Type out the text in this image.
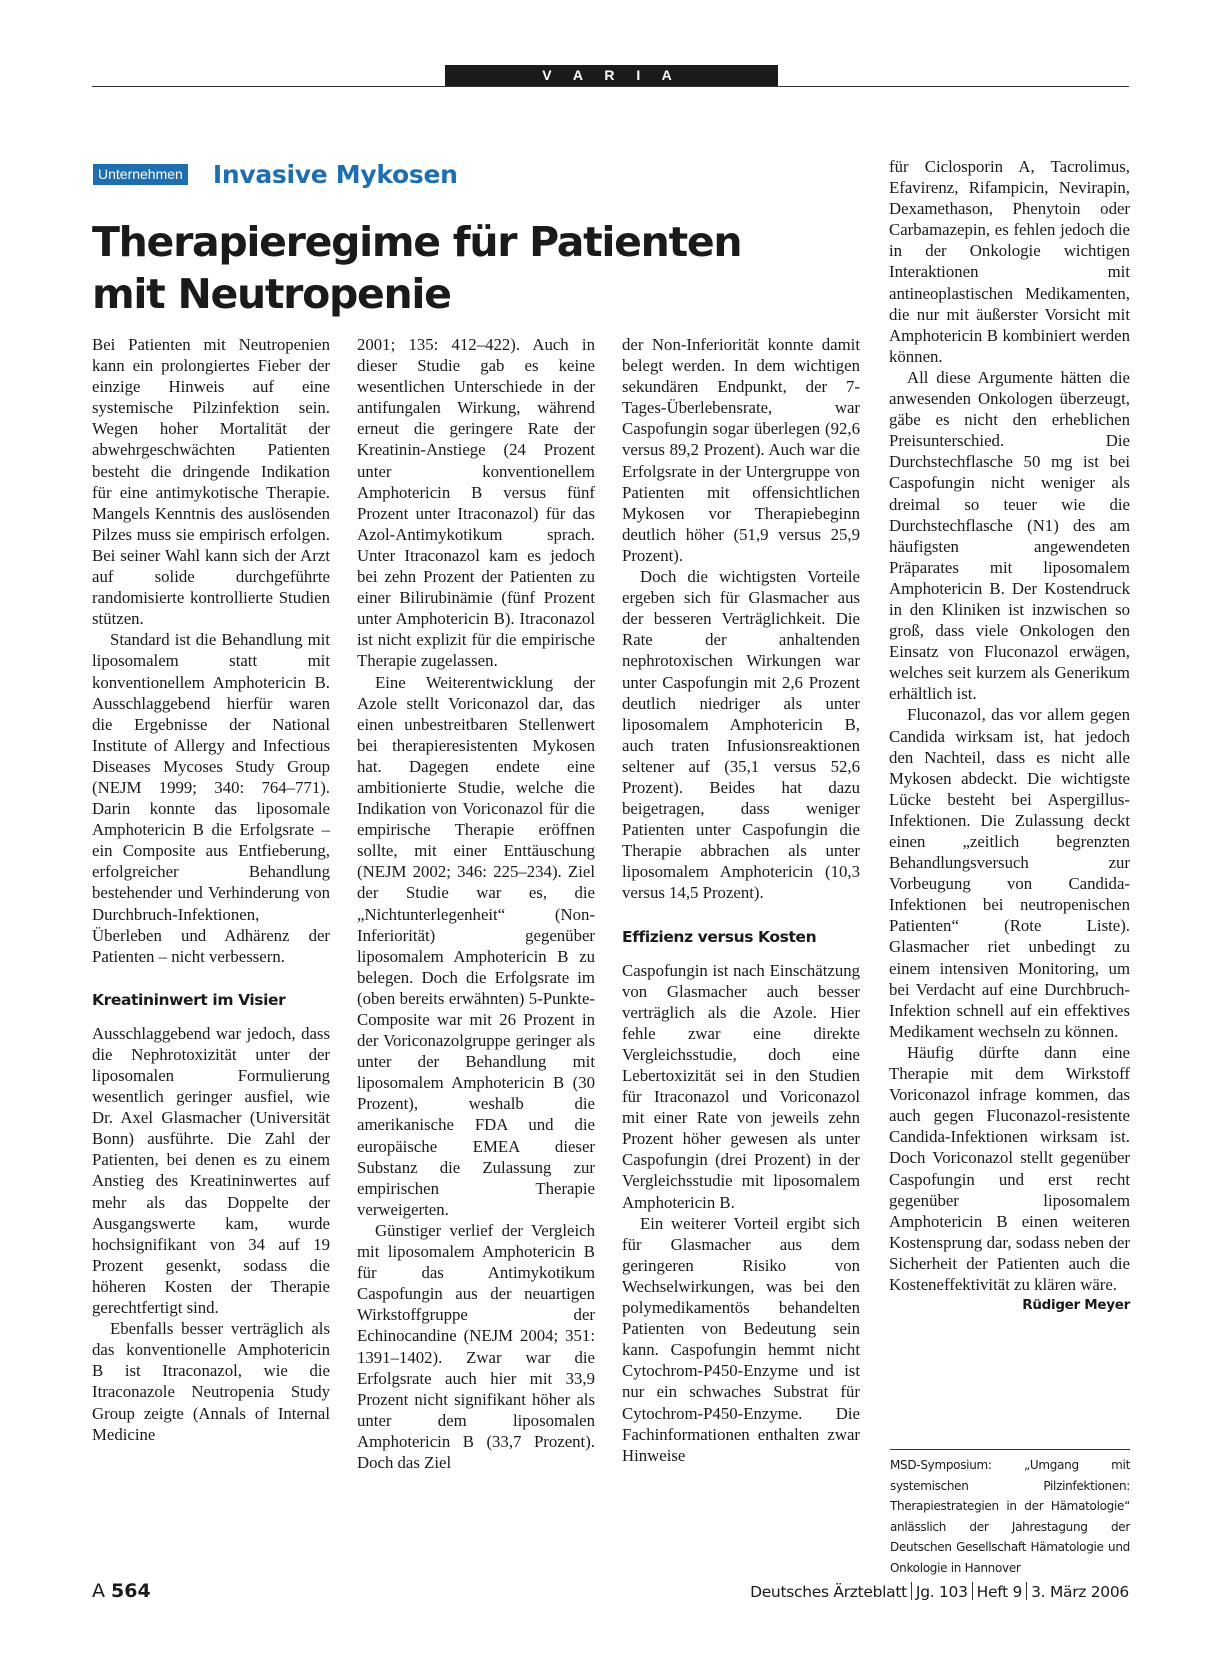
V A R I A
Unternehmen Invasive Mykosen
Therapieregime für Patienten
mit Neutropenie

Bei Patienten mit Neutropenien kann ein prolongiertes Fieber der einzige Hinweis auf eine systemische Pilzinfektion sein. Wegen hoher Mortalität der abwehrgeschwächten Patienten besteht die dringende Indikation für eine antimykotische Therapie. Mangels Kenntnis des auslösenden Pilzes muss sie empirisch erfolgen. Bei seiner Wahl kann sich der Arzt auf solide durchgeführte randomisierte kontrollierte Studien stützen.

Standard ist die Behandlung mit liposomalem statt mit konventionellem Amphotericin B. Ausschlaggebend hierfür waren die Ergebnisse der National Institute of Allergy and Infectious Diseases Mycoses Study Group (NEJM 1999; 340: 764–771). Darin konnte das liposomale Amphotericin B die Erfolgsrate – ein Composite aus Entfieberung, erfolgreicher Behandlung bestehender und Verhinderung von Durchbruch-Infektionen, Überleben und Adhärenz der Patienten – nicht verbessern.

Kreatininwert im Visier

Ausschlaggebend war jedoch, dass die Nephrotoxizität unter der liposomalen Formulierung wesentlich geringer ausfiel, wie Dr. Axel Glasmacher (Universität Bonn) ausführte. Die Zahl der Patienten, bei denen es zu einem Anstieg des Kreatininwertes auf mehr als das Doppelte der Ausgangswerte kam, wurde hochsignifikant von 34 auf 19 Prozent gesenkt, sodass die höheren Kosten der Therapie gerechtfertigt sind.

Ebenfalls besser verträglich als das konventionelle Amphotericin B ist Itraconazol, wie die Itraconazole Neutropenia Study Group zeigte (Annals of Internal Medicine

2001; 135: 412–422). Auch in dieser Studie gab es keine wesentlichen Unterschiede in der antifungalen Wirkung, während erneut die geringere Rate der Kreatinin-Anstiege (24 Prozent unter konventionellem Amphotericin B versus fünf Prozent unter Itraconazol) für das Azol-Antimykotikum sprach. Unter Itraconazol kam es jedoch bei zehn Prozent der Patienten zu einer Bilirubinämie (fünf Prozent unter Amphotericin B). Itraconazol ist nicht explizit für die empirische Therapie zugelassen.

Eine Weiterentwicklung der Azole stellt Voriconazol dar, das einen unbestreitbaren Stellenwert bei therapieresistenten Mykosen hat. Dagegen endete eine ambitionierte Studie, welche die Indikation von Voriconazol für die empirische Therapie eröffnen sollte, mit einer Enttäuschung (NEJM 2002; 346: 225–234). Ziel der Studie war es, die „Nichtunterlegenheit“ (Non-Inferiorität) gegenüber liposomalem Amphotericin B zu belegen. Doch die Erfolgsrate im (oben bereits erwähnten) 5-Punkte-Composite war mit 26 Prozent in der Voriconazolgruppe geringer als unter der Behandlung mit liposomalem Amphotericin B (30 Prozent), weshalb die amerikanische FDA und die europäische EMEA dieser Substanz die Zulassung zur empirischen Therapie verweigerten.

Günstiger verlief der Vergleich mit liposomalem Amphotericin B für das Antimykotikum Caspofungin aus der neuartigen Wirkstoffgruppe der Echinocandine (NEJM 2004; 351: 1391–1402). Zwar war die Erfolgsrate auch hier mit 33,9 Prozent nicht signifikant höher als unter dem liposomalen Amphotericin B (33,7 Prozent). Doch das Ziel

der Non-Inferiorität konnte damit belegt werden. In dem wichtigen sekundären Endpunkt, der 7-Tages-Überlebensrate, war Caspofungin sogar überlegen (92,6 versus 89,2 Prozent). Auch war die Erfolgsrate in der Untergruppe von Patienten mit offensichtlichen Mykosen vor Therapiebeginn deutlich höher (51,9 versus 25,9 Prozent).

Doch die wichtigsten Vorteile ergeben sich für Glasmacher aus der besseren Verträglichkeit. Die Rate der anhaltenden nephrotoxischen Wirkungen war unter Caspofungin mit 2,6 Prozent deutlich niedriger als unter liposomalem Amphotericin B, auch traten Infusionsreaktionen seltener auf (35,1 versus 52,6 Prozent). Beides hat dazu beigetragen, dass weniger Patienten unter Caspofungin die Therapie abbrachen als unter liposomalem Amphotericin (10,3 versus 14,5 Prozent).

Effizienz versus Kosten

Caspofungin ist nach Einschätzung von Glasmacher auch besser verträglich als die Azole. Hier fehle zwar eine direkte Vergleichsstudie, doch eine Lebertoxizität sei in den Studien für Itraconazol und Voriconazol mit einer Rate von jeweils zehn Prozent höher gewesen als unter Caspofungin (drei Prozent) in der Vergleichsstudie mit liposomalem Amphotericin B.

Ein weiterer Vorteil ergibt sich für Glasmacher aus dem geringeren Risiko von Wechselwirkungen, was bei den polymedikamentös behandelten Patienten von Bedeutung sein kann. Caspofungin hemmt nicht Cytochrom-P450-Enzyme und ist nur ein schwaches Substrat für Cytochrom-P450-Enzyme. Die Fachinformationen enthalten zwar Hinweise

für Ciclosporin A, Tacrolimus, Efavirenz, Rifampicin, Nevirapin, Dexamethason, Phenytoin oder Carbamazepin, es fehlen jedoch die in der Onkologie wichtigen Interaktionen mit antineoplastischen Medikamenten, die nur mit äußerster Vorsicht mit Amphotericin B kombiniert werden können.

All diese Argumente hätten die anwesenden Onkologen überzeugt, gäbe es nicht den erheblichen Preisunterschied. Die Durchstechflasche 50 mg ist bei Caspofungin nicht weniger als dreimal so teuer wie die Durchstechflasche (N1) des am häufigsten angewendeten Präparates mit liposomalem Amphotericin B. Der Kostendruck in den Kliniken ist inzwischen so groß, dass viele Onkologen den Einsatz von Fluconazol erwägen, welches seit kurzem als Generikum erhältlich ist.

Fluconazol, das vor allem gegen Candida wirksam ist, hat jedoch den Nachteil, dass es nicht alle Mykosen abdeckt. Die wichtigste Lücke besteht bei Aspergillus-Infektionen. Die Zulassung deckt einen „zeitlich begrenzten Behandlungsversuch zur Vorbeugung von Candida-Infektionen bei neutropenischen Patienten“ (Rote Liste). Glasmacher riet unbedingt zu einem intensiven Monitoring, um bei Verdacht auf eine Durchbruch-Infektion schnell auf ein effektives Medikament wechseln zu können.

Häufig dürfte dann eine Therapie mit dem Wirkstoff Voriconazol infrage kommen, das auch gegen Fluconazol-resistente Candida-Infektionen wirksam ist. Doch Voriconazol stellt gegenüber Caspofungin und erst recht gegenüber liposomalem Amphotericin B einen weiteren Kostensprung dar, sodass neben der Sicherheit der Patienten auch die Kosteneffektivität zu klären wäre.
Rüdiger Meyer

MSD-Symposium: „Umgang mit systemischen Pilzinfektionen: Therapiestrategien in der Hämatologie“ anlässlich der Jahrestagung der Deutschen Gesellschaft Hämatologie und Onkologie in Hannover
A 564	Deutsches Ärzteblatt Jg. 103 Heft 9 3. März 2006
